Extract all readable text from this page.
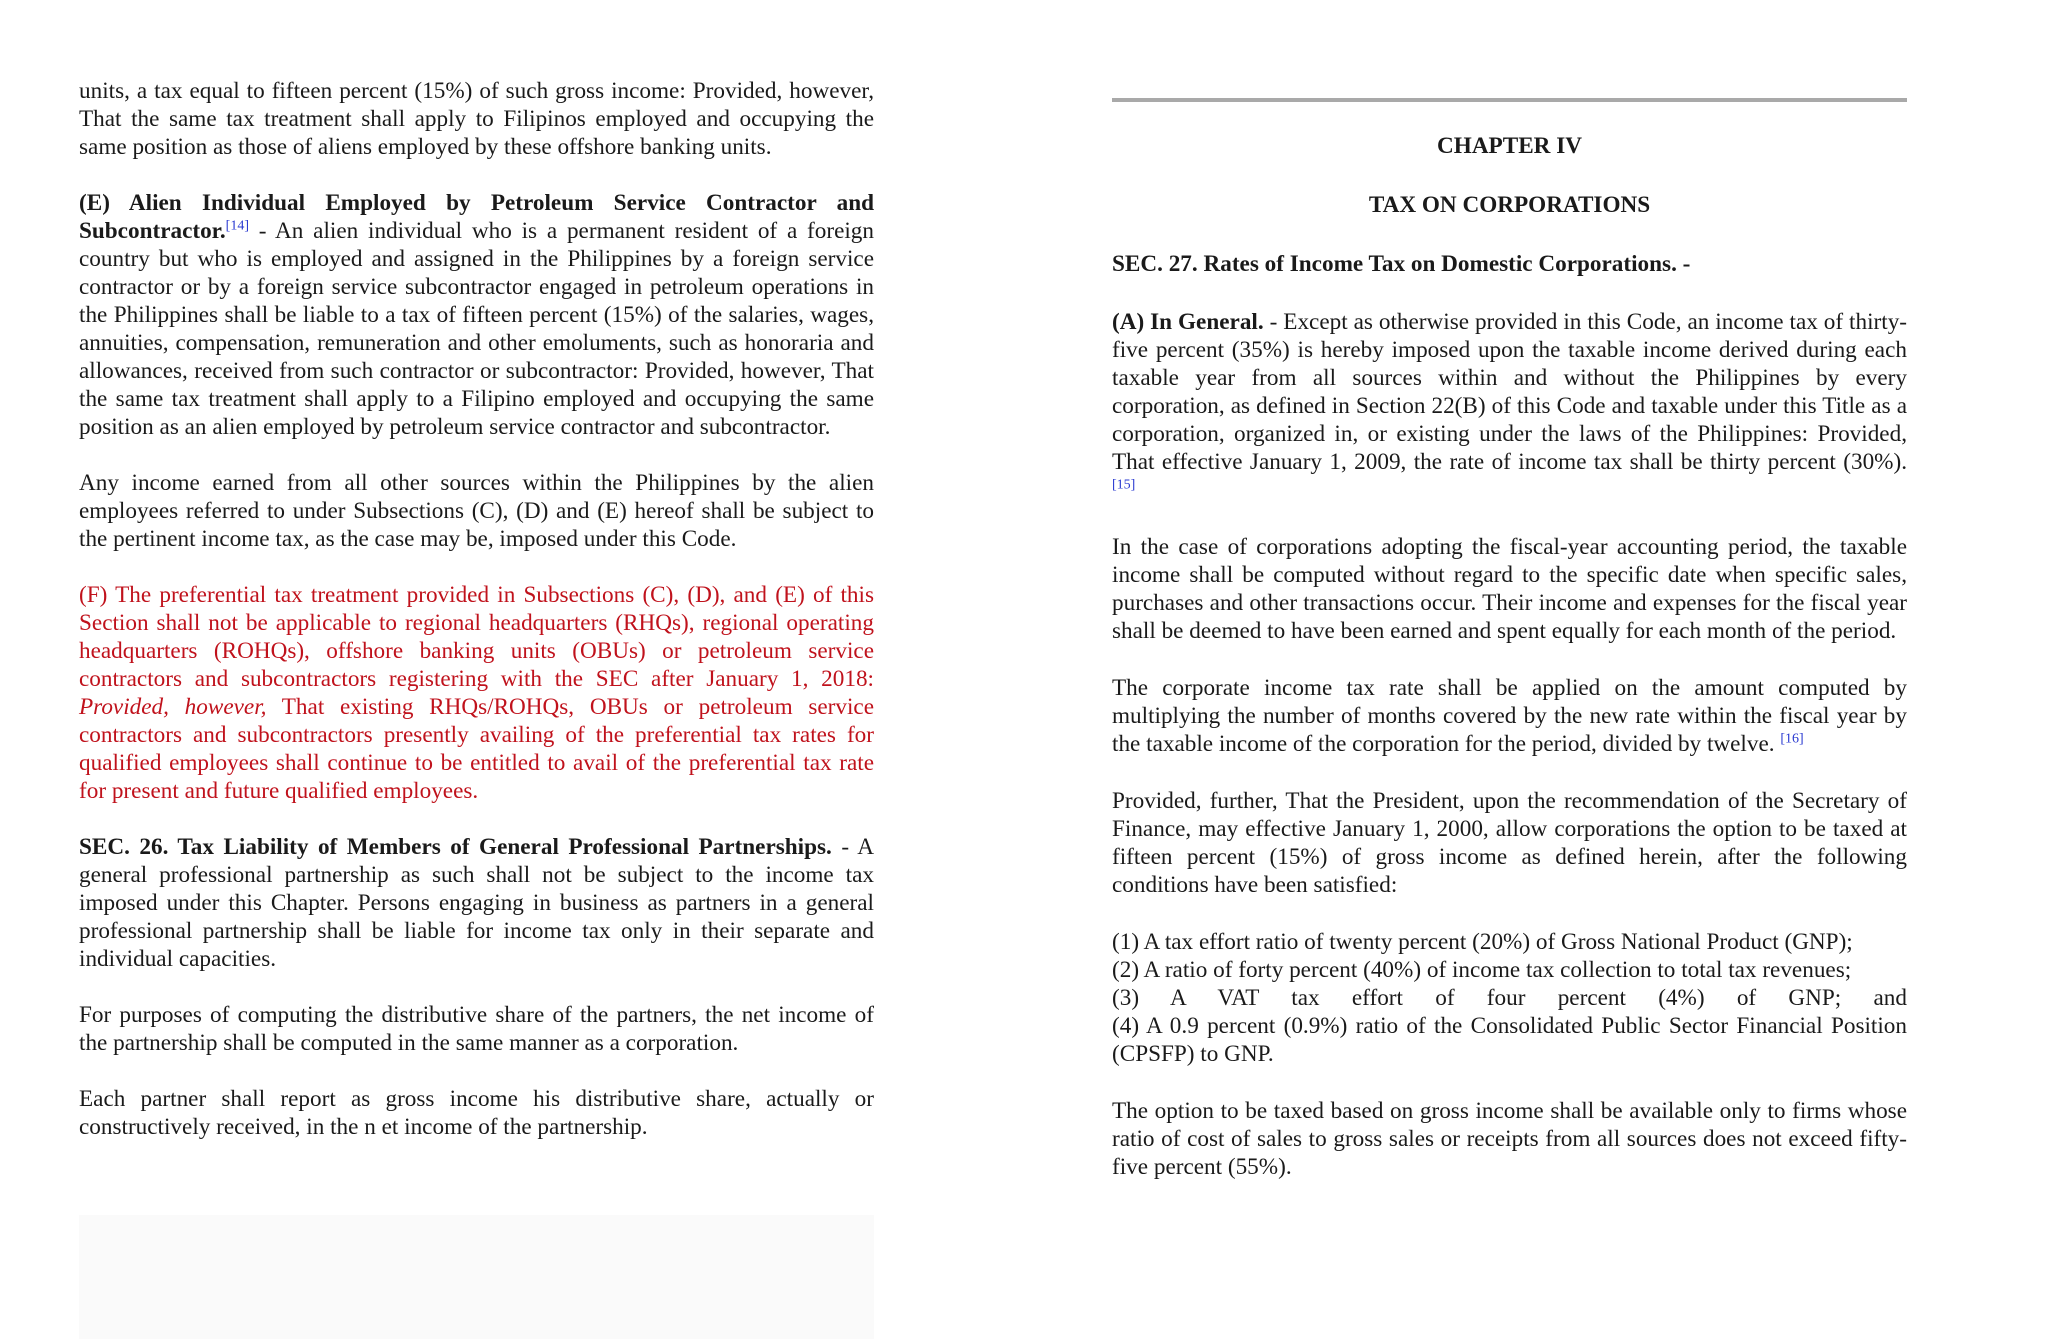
units, a tax equal to fifteen percent (15%) of such gross income: Provided, however, That the same tax treatment shall apply to Filipinos employed and occupying the same position as those of aliens employed by these offshore banking units.

(E) Alien Individual Employed by Petroleum Service Contractor and Subcontractor.[14] - An alien individual who is a permanent resident of a foreign country but who is employed and assigned in the Philippines by a foreign service contractor or by a foreign service subcontractor engaged in petroleum operations in the Philippines shall be liable to a tax of fifteen percent (15%) of the salaries, wages, annuities, compensation, remuneration and other emoluments, such as honoraria and allowances, received from such contractor or subcontractor: Provided, however, That the same tax treatment shall apply to a Filipino employed and occupying the same position as an alien employed by petroleum service contractor and subcontractor.

Any income earned from all other sources within the Philippines by the alien employees referred to under Subsections (C), (D) and (E) hereof shall be subject to the pertinent income tax, as the case may be, imposed under this Code.

(F) The preferential tax treatment provided in Subsections (C), (D), and (E) of this Section shall not be applicable to regional headquarters (RHQs), regional operating headquarters (ROHQs), offshore banking units (OBUs) or petroleum service contractors and subcontractors registering with the SEC after January 1, 2018: Provided, however, That existing RHQs/ROHQs, OBUs or petroleum service contractors and subcontractors presently availing of the preferential tax rates for qualified employees shall continue to be entitled to avail of the preferential tax rate for present and future qualified employees.

SEC. 26. Tax Liability of Members of General Professional Partnerships. - A general professional partnership as such shall not be subject to the income tax imposed under this Chapter. Persons engaging in business as partners in a general professional partnership shall be liable for income tax only in their separate and individual capacities.

For purposes of computing the distributive share of the partners, the net income of the partnership shall be computed in the same manner as a corporation.

Each partner shall report as gross income his distributive share, actually or constructively received, in the n et income of the partnership.

CHAPTER IV
TAX ON CORPORATIONS
SEC. 27. Rates of Income Tax on Domestic Corporations. -

(A) In General. - Except as otherwise provided in this Code, an income tax of thirty-five percent (35%) is hereby imposed upon the taxable income derived during each taxable year from all sources within and without the Philippines by every corporation, as defined in Section 22(B) of this Code and taxable under this Title as a corporation, organized in, or existing under the laws of the Philippines: Provided, That effective January 1, 2009, the rate of income tax shall be thirty percent (30%). [15]

In the case of corporations adopting the fiscal-year accounting period, the taxable income shall be computed without regard to the specific date when specific sales, purchases and other transactions occur. Their income and expenses for the fiscal year shall be deemed to have been earned and spent equally for each month of the period.

The corporate income tax rate shall be applied on the amount computed by multiplying the number of months covered by the new rate within the fiscal year by the taxable income of the corporation for the period, divided by twelve. [16]

Provided, further, That the President, upon the recommendation of the Secretary of Finance, may effective January 1, 2000, allow corporations the option to be taxed at fifteen percent (15%) of gross income as defined herein, after the following conditions have been satisfied:

(1) A tax effort ratio of twenty percent (20%) of Gross National Product (GNP);
(2) A ratio of forty percent (40%) of income tax collection to total tax revenues;
(3) A VAT tax effort of four percent (4%) of GNP; and
(4) A 0.9 percent (0.9%) ratio of the Consolidated Public Sector Financial Position (CPSFP) to GNP.

The option to be taxed based on gross income shall be available only to firms whose ratio of cost of sales to gross sales or receipts from all sources does not exceed fifty-five percent (55%).
